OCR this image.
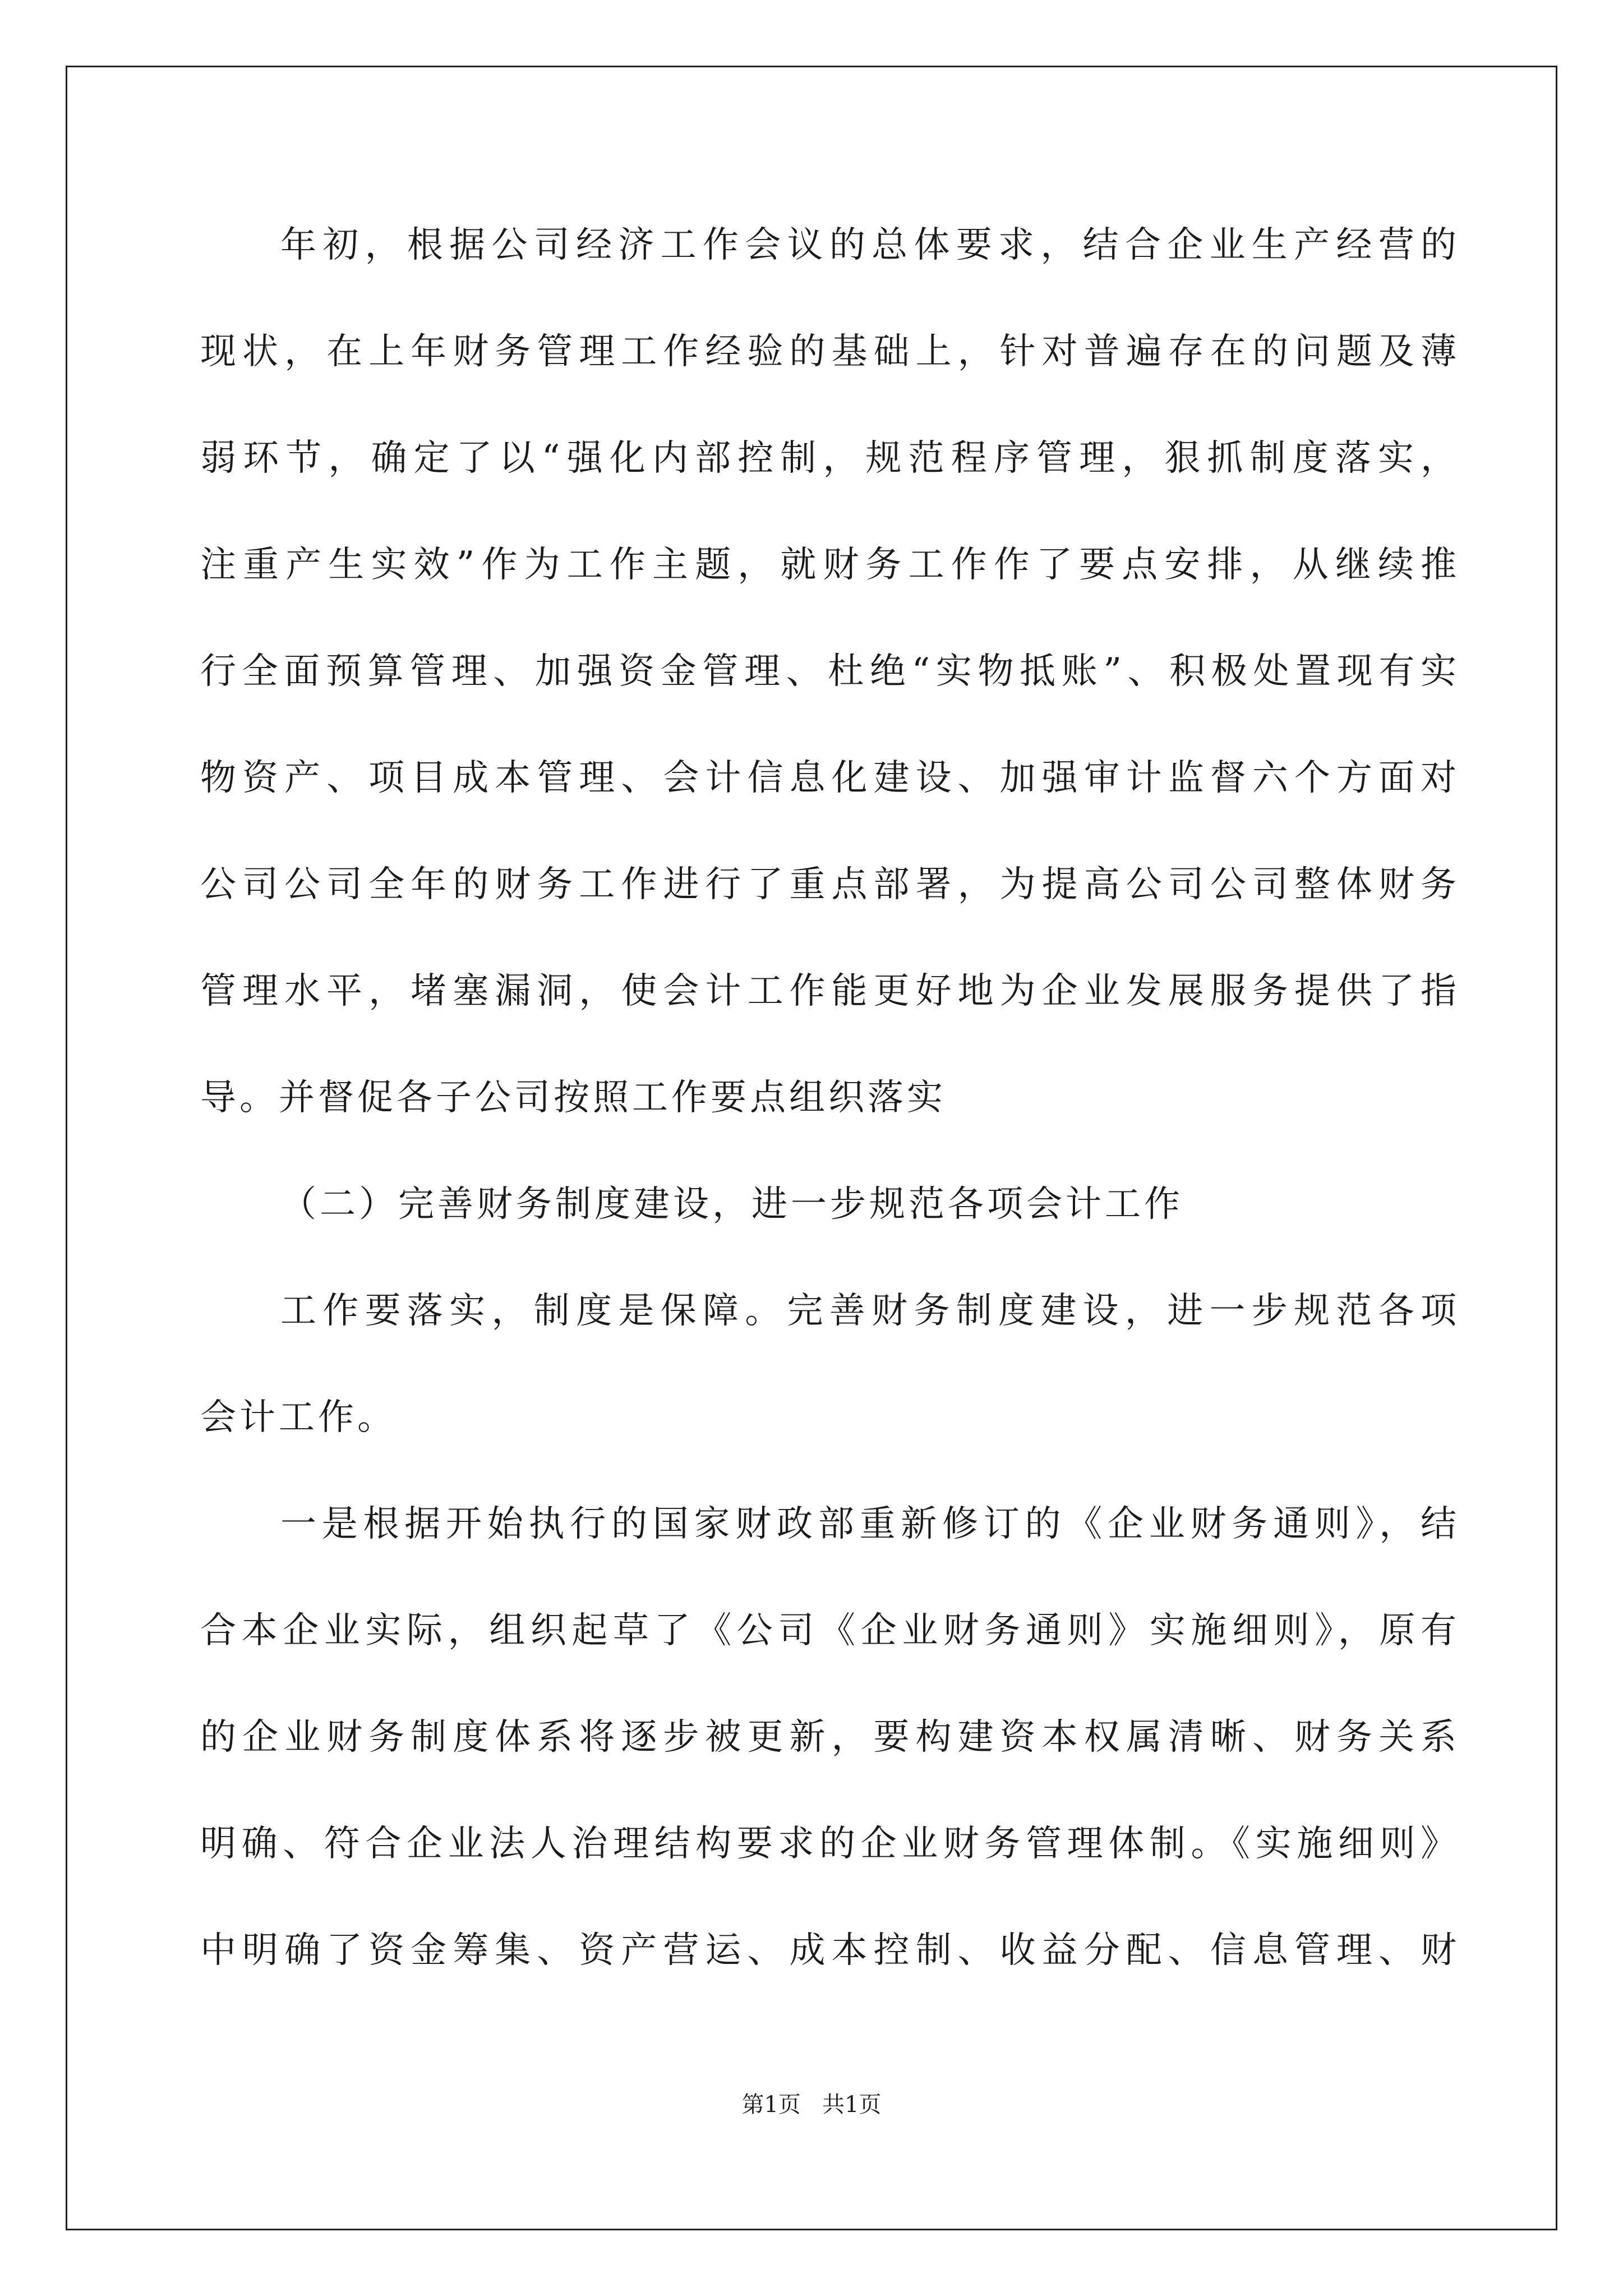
年初，根据公司经济工作会议的总体要求，结合企业生产经营的
现状，在上年财务管理工作经验的基础上，针对普遍存在的问题及薄
弱环节，确定了以“强化内部控制，规范程序管理，狠抓制度落实，
注重产生实效”作为工作主题，就财务工作作了要点安排，从继续推
行全面预算管理、加强资金管理、杜绝“实物抵账”、积极处置现有实
物资产、项目成本管理、会计信息化建设、加强审计监督六个方面对
公司公司全年的财务工作进行了重点部署，为提高公司公司整体财务
管理水平，堵塞漏洞，使会计工作能更好地为企业发展服务提供了指
导。并督促各子公司按照工作要点组织落实
（二）完善财务制度建设，进一步规范各项会计工作
工作要落实，制度是保障。完善财务制度建设，进一步规范各项
会计工作。
一是根据开始执行的国家财政部重新修订的《企业财务通则》，结
合本企业实际，组织起草了《公司《企业财务通则》实施细则》，原有
的企业财务制度体系将逐步被更新，要构建资本权属清晰、财务关系
明确、符合企业法人治理结构要求的企业财务管理体制。《实施细则》
中明确了资金筹集、资产营运、成本控制、收益分配、信息管理、财
第1页   共1页
